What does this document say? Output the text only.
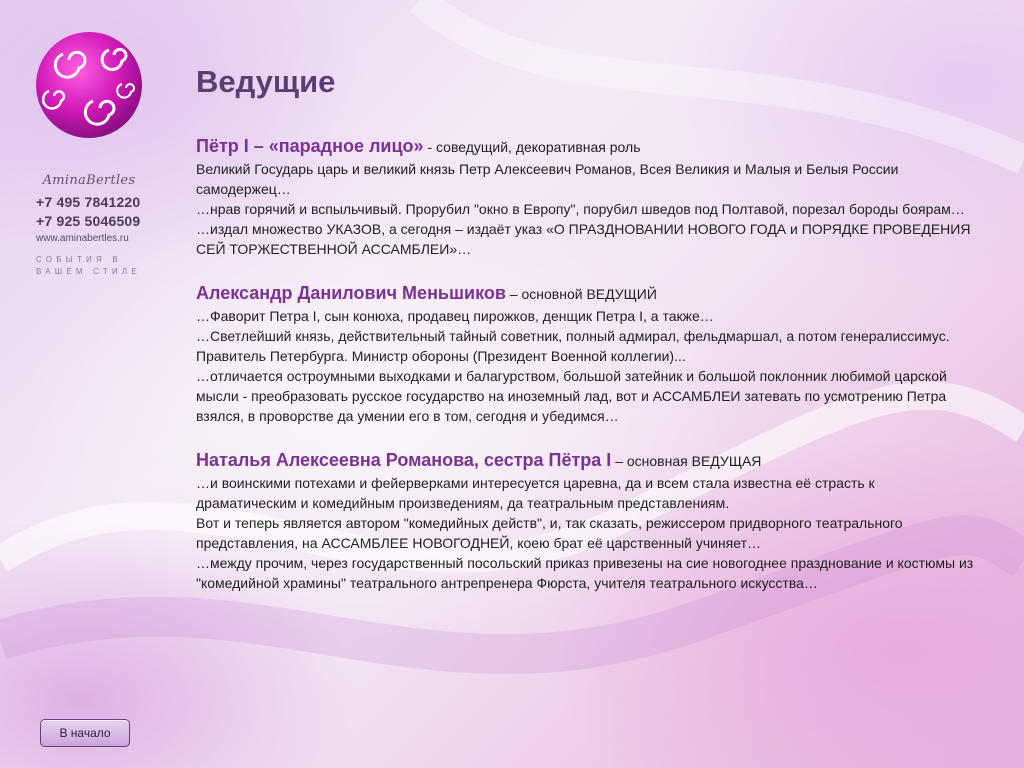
AminaBertles
+7 495 7841220
+7 925 5046509
www.aminabertles.ru
СОБЫТИЯ В ВАШЕМ СТИЛЕ
Ведущие
Пётр I – «парадное лицо» - соведущий, декоративная роль
Великий Государь царь и великий князь Петр Алексеевич Романов, Всея Великия и Малыя и Белыя России самодержец…
…нрав горячий и вспыльчивый. Прорубил "окно в Европу", порубил шведов под Полтавой, порезал бороды боярам…
…издал множество УКАЗОВ, а сегодня – издаёт указ «О ПРАЗДНОВАНИИ НОВОГО ГОДА и ПОРЯДКЕ ПРОВЕДЕНИЯ СЕЙ ТОРЖЕСТВЕННОЙ АССАМБЛЕИ»…
Александр Данилович Меньшиков – основной ВЕДУЩИЙ
…Фаворит Петра I, сын конюха, продавец пирожков, денщик Петра I, а также…
…Светлейший князь, действительный тайный советник, полный адмирал, фельдмаршал, а потом генералиссимус. Правитель Петербурга. Министр обороны (Президент Военной коллегии)...
…отличается остроумными выходками и балагурством, большой затейник и большой поклонник любимой царской мысли - преобразовать русское государство на иноземный лад, вот и АССАМБЛЕИ затевать по усмотрению Петра взялся, в проворстве да умении его в том, сегодня и убедимся…
Наталья Алексеевна Романова, сестра Пётра I – основная ВЕДУЩАЯ
…и воинскими потехами и фейерверками интересуется царевна, да и всем стала известна её страсть к драматическим и комедийным произведениям, да театральным представлениям.
Вот и теперь является автором "комедийных действ", и, так сказать, режиссером придворного театрального представления, на АССАМБЛЕЕ НОВОГОДНЕЙ, коею брат её царственный учиняет…
…между прочим, через государственный посольский приказ привезены на сие новогоднее празднование и костюмы из "комедийной храмины" театрального антрепренера Фюрста, учителя театрального искусства…
В начало
